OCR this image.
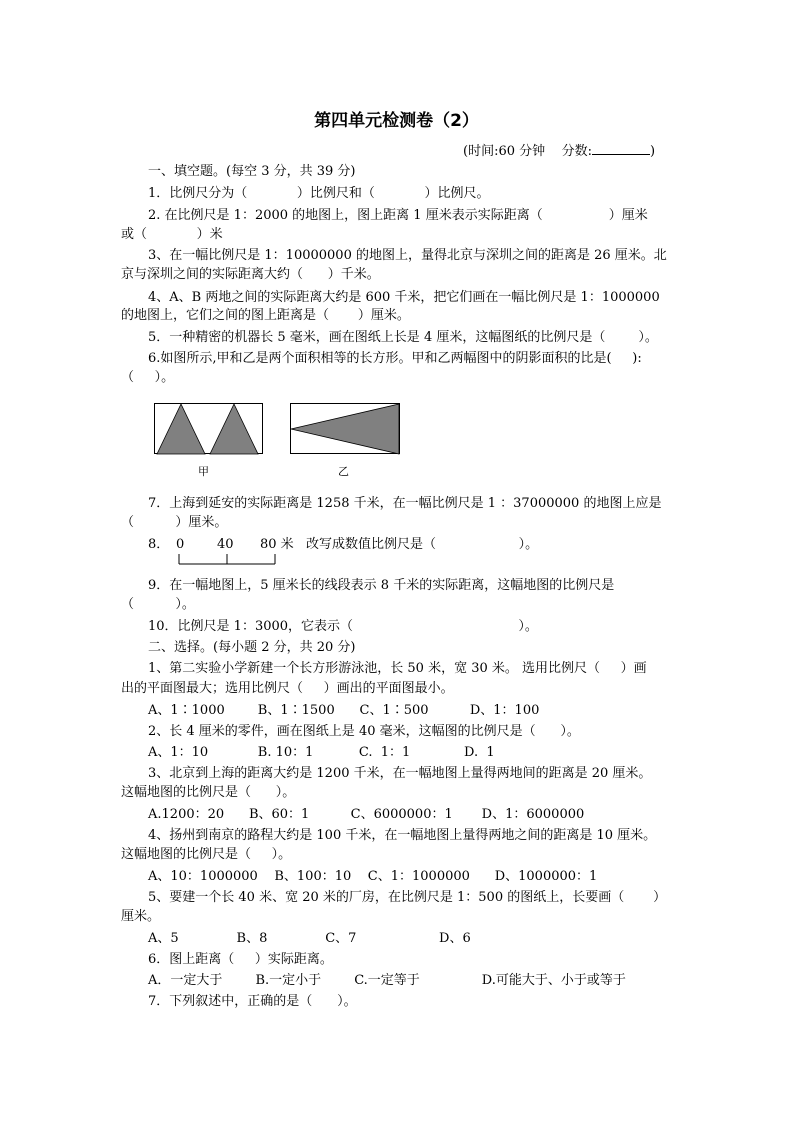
第四单元检测卷（2）
(时间:60 分钟    分数:	)
一、填空题。(每空 3 分，共 39 分)
1．比例尺分为（            ）比例尺和（            ）比例尺。
2. 在比例尺是 1：2000 的地图上，图上距离 1 厘米表示实际距离（                ）厘米
或（            ）米
3、在一幅比例尺是 1：10000000 的地图上，量得北京与深圳之间的距离是 26 厘米。北
京与深圳之间的实际距离大约（      ）千米。
4、A、B 两地之间的实际距离大约是 600 千米，把它们画在一幅比例尺是 1：1000000
的地图上，它们之间的图上距离是（       ）厘米。
5．一种精密的机器长 5 毫米，画在图纸上长是 4 厘米，这幅图纸的比例尺是（        ）。
6.如图所示,甲和乙是两个面积相等的长方形。甲和乙两幅图中的阴影面积的比是(     ):
（     ）。
甲	乙
7．上海到延安的实际距离是 1258 千米，在一幅比例尺是 1 ：37000000 的地图上应是
（          ）厘米。
8． 0	40 80 米 改写成数值比例尺是（                    ）。
9．在一幅地图上，5 厘米长的线段表示 8 千米的实际距离，这幅地图的比例尺是
（          ）。
10．比例尺是 1：3000，它表示（                                        ）。
二、选择。(每小题 2 分，共 20 分)
1、第二实验小学新建一个长方形游泳池，长 50 米，宽 30 米。 选用比例尺（     ）画
出的平面图最大；选用比例尺（     ）画出的平面图最小。
A、1∶1000        B、1∶1500      C、1∶500          D、1：100
2、长 4 厘米的零件，画在图纸上是 40 毫米，这幅图的比例尺是（      ）。
A、1：10            B. 10：1           C.  1：1             D.  1
3、北京到上海的距离大约是 1200 千米，在一幅地图上量得两地间的距离是 20 厘米。
这幅地图的比例尺是（      ）。
A.1200：20      B、60：1          C、6000000：1       D、1：6000000
4、扬州到南京的路程大约是 100 千米，在一幅地图上量得两地之间的距离是 10 厘米。
这幅地图的比例尺是（     ）。
A、10：1000000    B、100：10    C、1：1000000      D、1000000：1
5、要建一个长 40 米、宽 20 米的厂房，在比例尺是 1：500 的图纸上，长要画（       ）
厘米。
A、5              B、8              C、7                    D、6
6．图上距离（     ）实际距离。
A．一定大于        B.一定小于        C.一定等于               D.可能大于、小于或等于
7．下列叙述中，正确的是（      ）。
